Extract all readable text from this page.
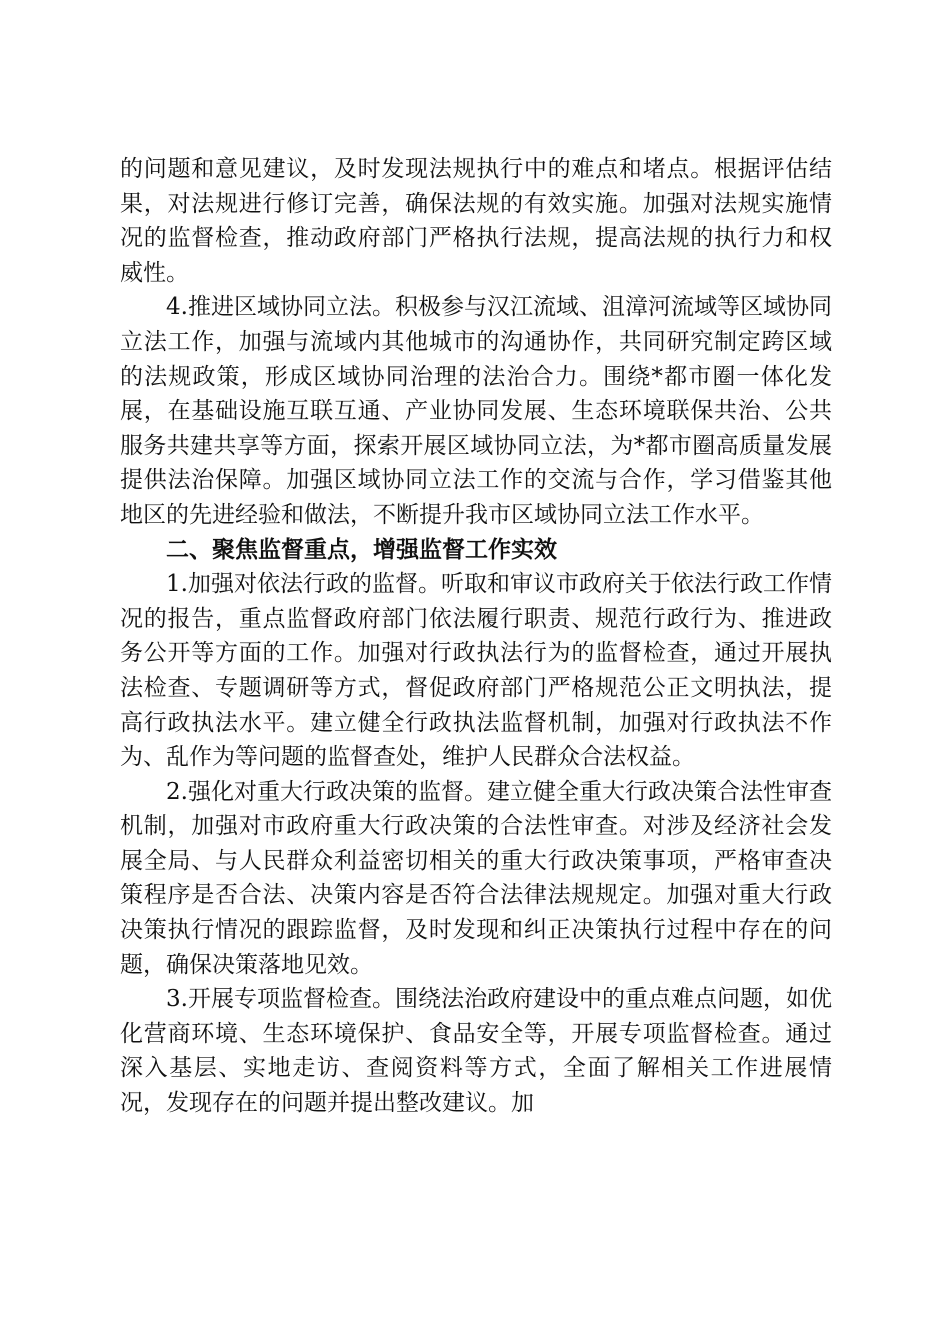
的问题和意见建议，及时发现法规执行中的难点和堵点。根据评估结果，对法规进行修订完善，确保法规的有效实施。加强对法规实施情况的监督检查，推动政府部门严格执行法规，提高法规的执行力和权威性。

4.推进区域协同立法。积极参与汉江流域、沮漳河流域等区域协同立法工作，加强与流域内其他城市的沟通协作，共同研究制定跨区域的法规政策，形成区域协同治理的法治合力。围绕*都市圈一体化发展，在基础设施互联互通、产业协同发展、生态环境联保共治、公共服务共建共享等方面，探索开展区域协同立法，为*都市圈高质量发展提供法治保障。加强区域协同立法工作的交流与合作，学习借鉴其他地区的先进经验和做法，不断提升我市区域协同立法工作水平。

二、聚焦监督重点，增强监督工作实效

1.加强对依法行政的监督。听取和审议市政府关于依法行政工作情况的报告，重点监督政府部门依法履行职责、规范行政行为、推进政务公开等方面的工作。加强对行政执法行为的监督检查，通过开展执法检查、专题调研等方式，督促政府部门严格规范公正文明执法，提高行政执法水平。建立健全行政执法监督机制，加强对行政执法不作为、乱作为等问题的监督查处，维护人民群众合法权益。

2.强化对重大行政决策的监督。建立健全重大行政决策合法性审查机制，加强对市政府重大行政决策的合法性审查。对涉及经济社会发展全局、与人民群众利益密切相关的重大行政决策事项，严格审查决策程序是否合法、决策内容是否符合法律法规规定。加强对重大行政决策执行情况的跟踪监督，及时发现和纠正决策执行过程中存在的问题，确保决策落地见效。

3.开展专项监督检查。围绕法治政府建设中的重点难点问题，如优化营商环境、生态环境保护、食品安全等，开展专项监督检查。通过深入基层、实地走访、查阅资料等方式，全面了解相关工作进展情况，发现存在的问题并提出整改建议。加
